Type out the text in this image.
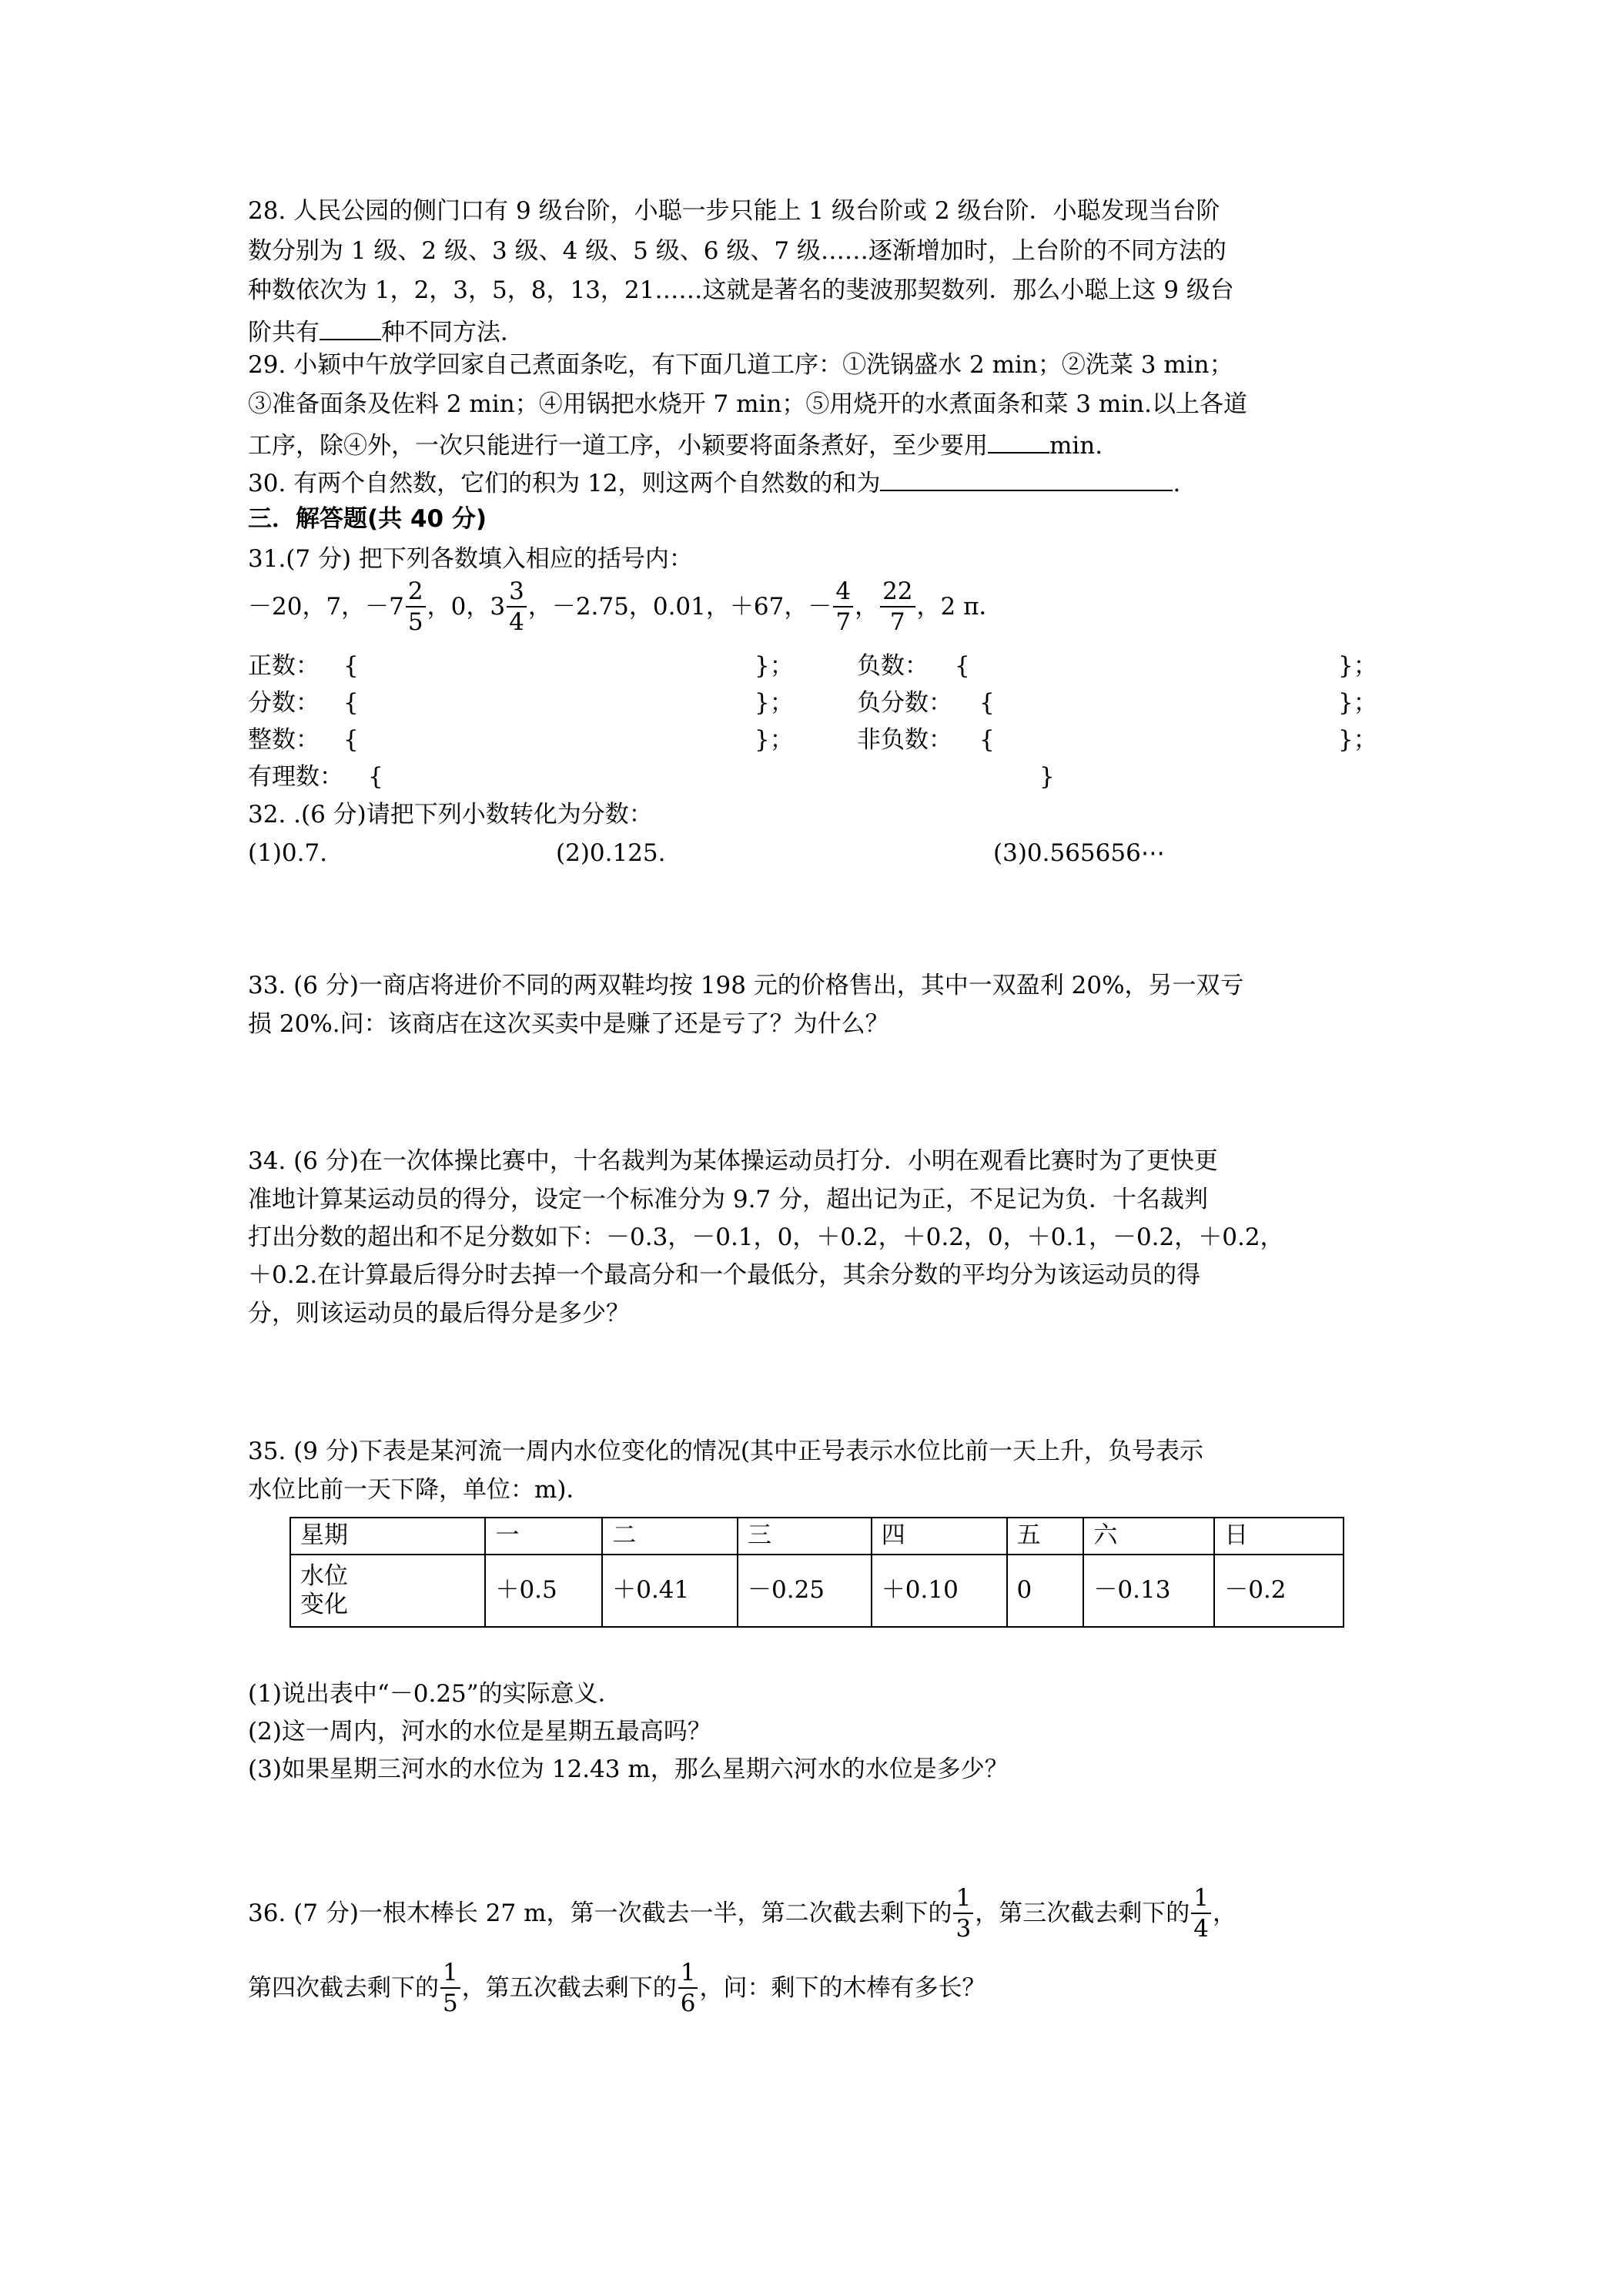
28. 人民公园的侧门口有 9 级台阶，小聪一步只能上 1 级台阶或 2 级台阶．小聪发现当台阶
数分别为 1 级、2 级、3 级、4 级、5 级、6 级、7 级……逐渐增加时，上台阶的不同方法的
种数依次为 1，2，3，5，8，13，21……这就是著名的斐波那契数列．那么小聪上这 9 级台
阶共有	种不同方法．
29. 小颖中午放学回家自己煮面条吃，有下面几道工序：①洗锅盛水 2 min；②洗菜 3 min；
③准备面条及佐料 2 min；④用锅把水烧开 7 min；⑤用烧开的水煮面条和菜 3 min.以上各道
工序，除④外，一次只能进行一道工序，小颖要将面条煮好，至少要用	min.
30. 有两个自然数，它们的积为 12，则这两个自然数的和为	.
三．解答题(共 40 分)
31.(7 分) 把下列各数填入相应的括号内：
－20，7，$-7 \frac{2}{5}$ ，0，$3 \frac{3}{4}$ ，－2.75，0.01，＋67，－ $\frac{4}{7}$ ， $\frac{22}{7}$ ，2 π．
正数： {	}；	负数： {	}；
分数： {	}；	负分数： {	}；
整数： {	}；	非负数： {	}；
有理数： {	}
32. .(6 分)请把下列小数转化为分数：
(1)0.7.	(2)0.125.	(3)0.565656⋯
33. (6 分)一商店将进价不同的两双鞋均按 198 元的价格售出，其中一双盈利 20%，另一双亏
损 20%.问：该商店在这次买卖中是赚了还是亏了？为什么？
34. (6 分)在一次体操比赛中，十名裁判为某体操运动员打分．小明在观看比赛时为了更快更
准地计算某运动员的得分，设定一个标准分为 9.7 分，超出记为正，不足记为负．十名裁判
打出分数的超出和不足分数如下：－0.3，－0.1，0，＋0.2，＋0.2，0，＋0.1，－0.2，＋0.2，
＋0.2.在计算最后得分时去掉一个最高分和一个最低分，其余分数的平均分为该运动员的得
分，则该运动员的最后得分是多少？
35. (9 分)下表是某河流一周内水位变化的情况(其中正号表示水位比前一天上升，负号表示
水位比前一天下降，单位：m)．
星期	一	二	三	四	五	六	日
水位
变化	＋0.5	＋0.41	－0.25	＋0.10	0	－0.13	－0.2
(1)说出表中“－0.25”的实际意义．
(2)这一周内，河水的水位是星期五最高吗？
(3)如果星期三河水的水位为 12.43 m，那么星期六河水的水位是多少？
36. (7 分)一根木棒长 27 m，第一次截去一半，第二次截去剩下的 $\frac{1}{3}$ ，第三次截去剩下的 $\frac{1}{4}$ ，
第四次截去剩下的 $\frac{1}{5}$ ，第五次截去剩下的 $\frac{1}{6}$ ，问：剩下的木棒有多长？
